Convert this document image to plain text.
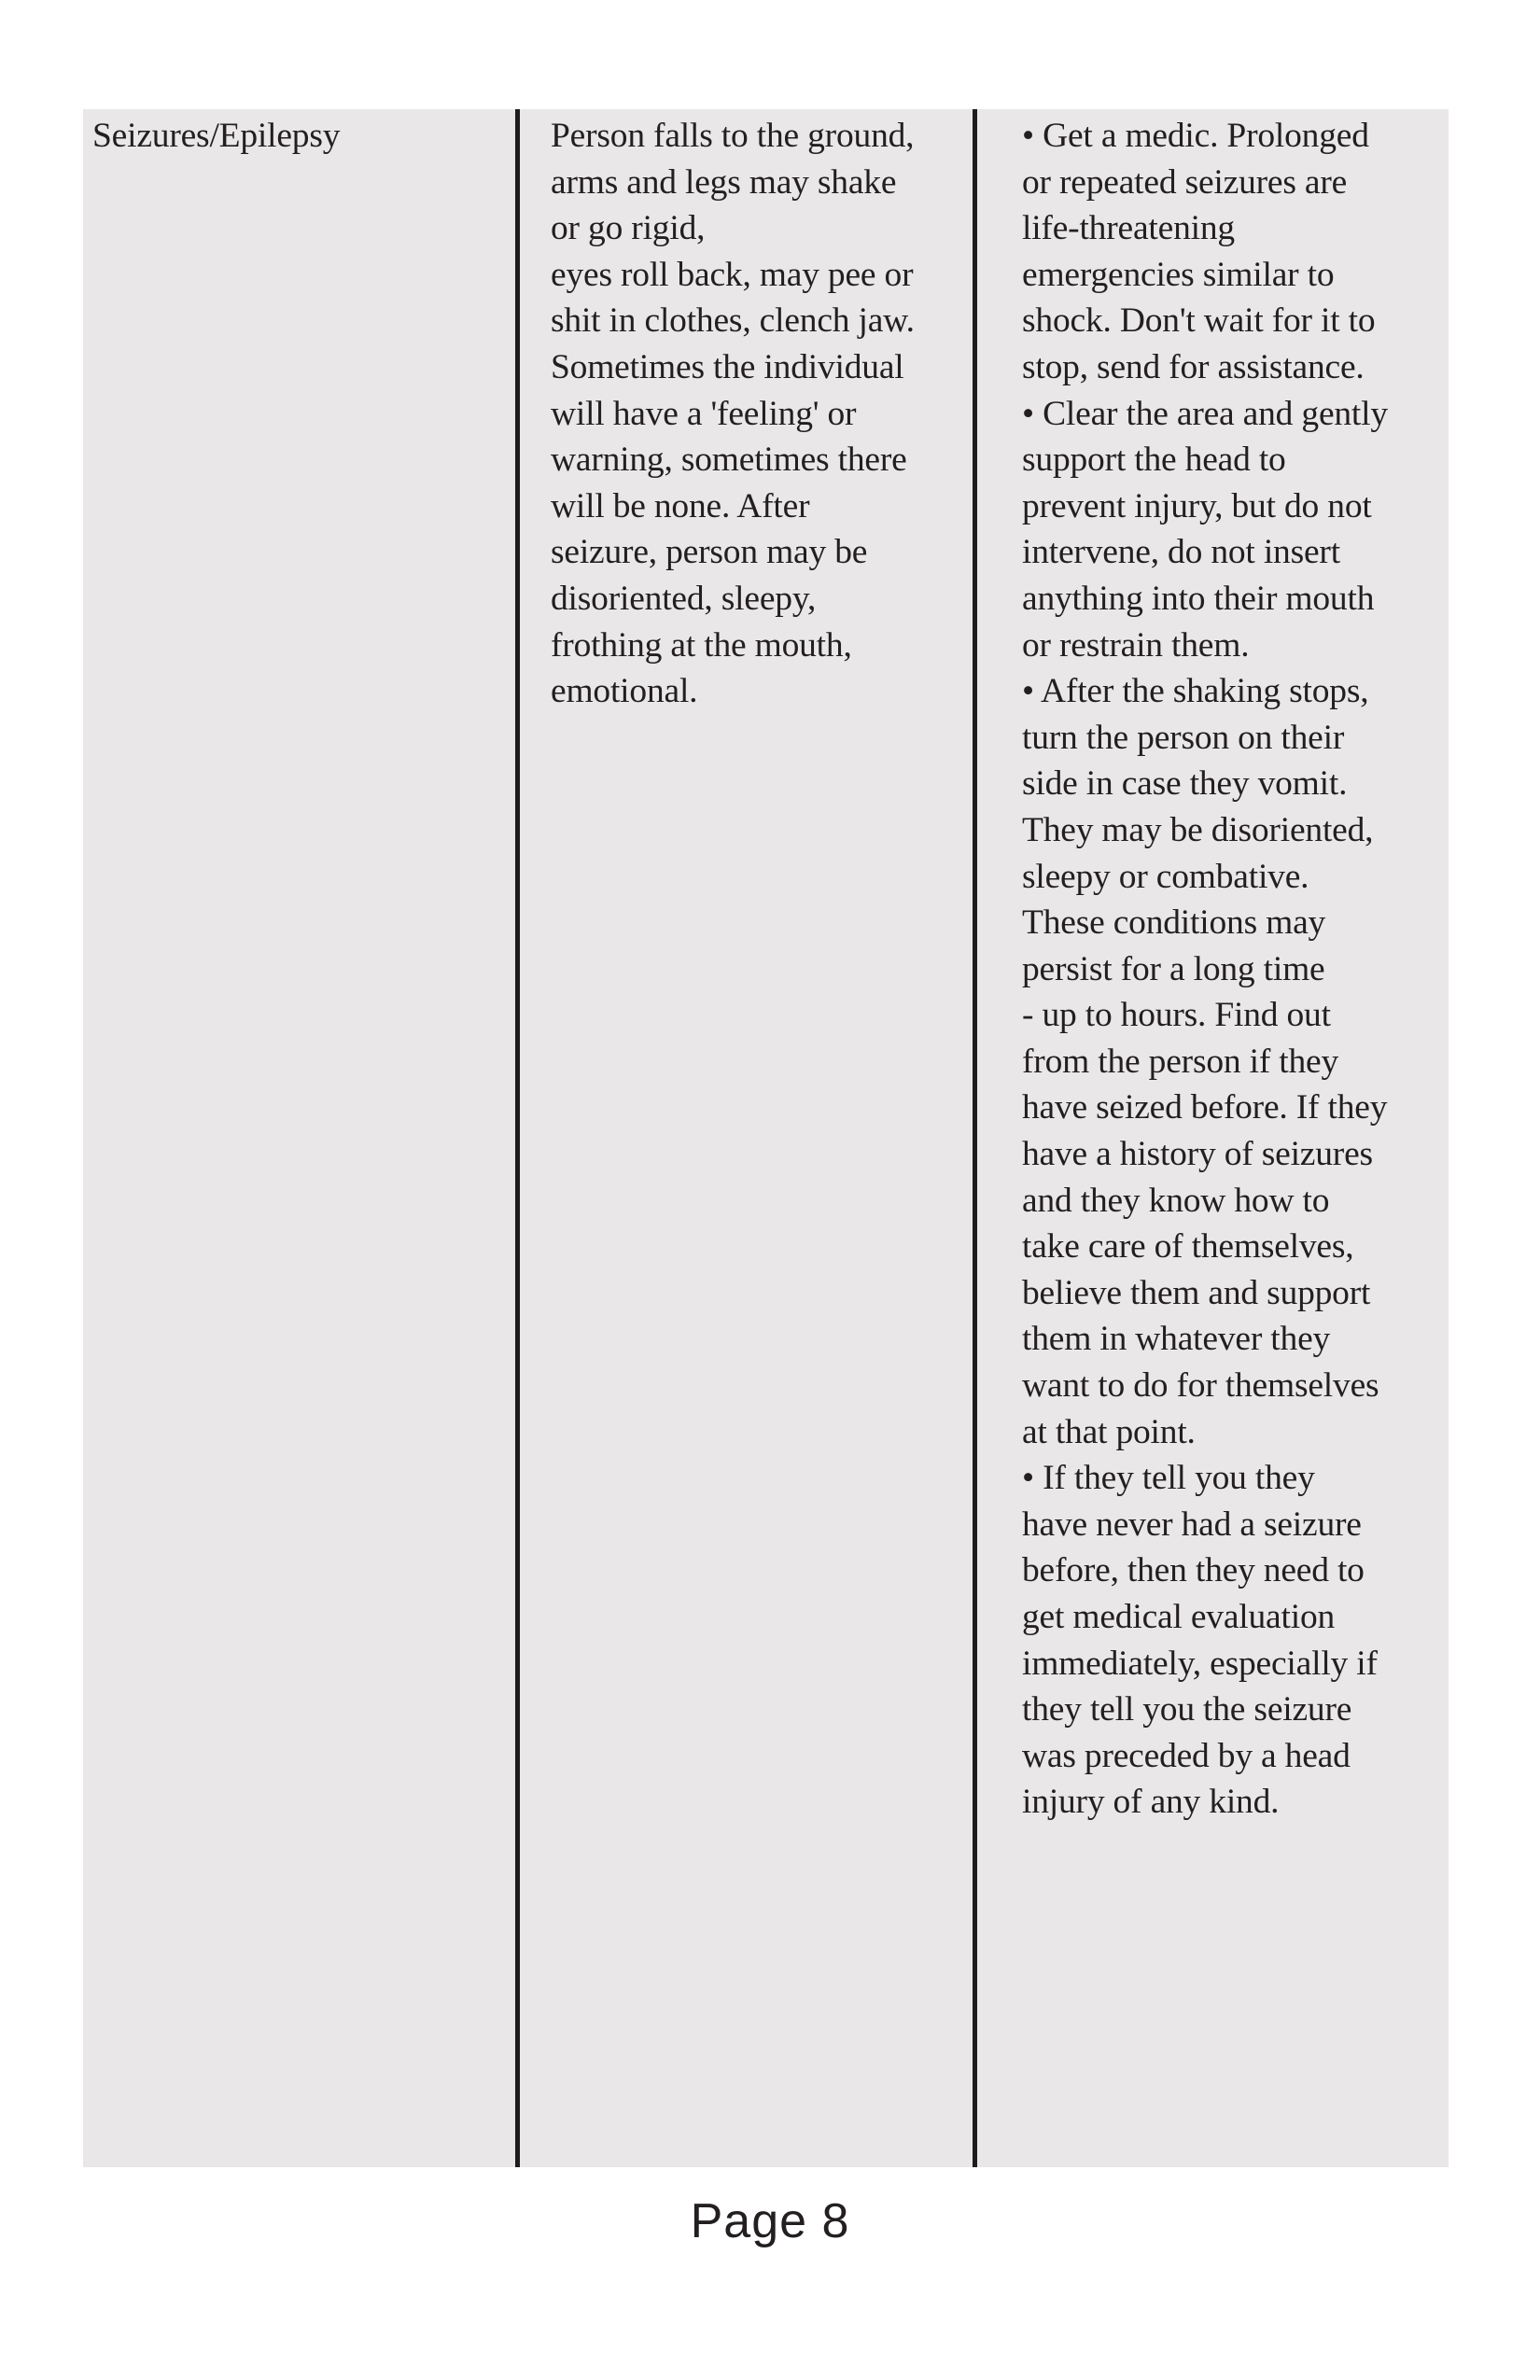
Seizures/Epilepsy	Person falls to the ground,
arms and legs may shake
or go rigid,
eyes roll back, may pee or
shit in clothes, clench jaw.
Sometimes the individual
will have a 'feeling' or
warning, sometimes there
will be none. After
seizure, person may be
disoriented, sleepy,
frothing at the mouth,
emotional.

• Get a medic. Prolonged
or repeated seizures are
life-threatening
emergencies similar to
shock. Don't wait for it to
stop, send for assistance.
• Clear the area and gently
support the head to
prevent injury, but do not
intervene, do not insert
anything into their mouth
or restrain them.
• After the shaking stops,
turn the person on their
side in case they vomit.
They may be disoriented,
sleepy or combative.
These conditions may
persist for a long time
- up to hours. Find out
from the person if they
have seized before. If they
have a history of seizures
and they know how to
take care of themselves,
believe them and support
them in whatever they
want to do for themselves
at that point.
• If they tell you they
have never had a seizure
before, then they need to
get medical evaluation
immediately, especially if
they tell you the seizure
was preceded by a head
injury of any kind.
Page 8
